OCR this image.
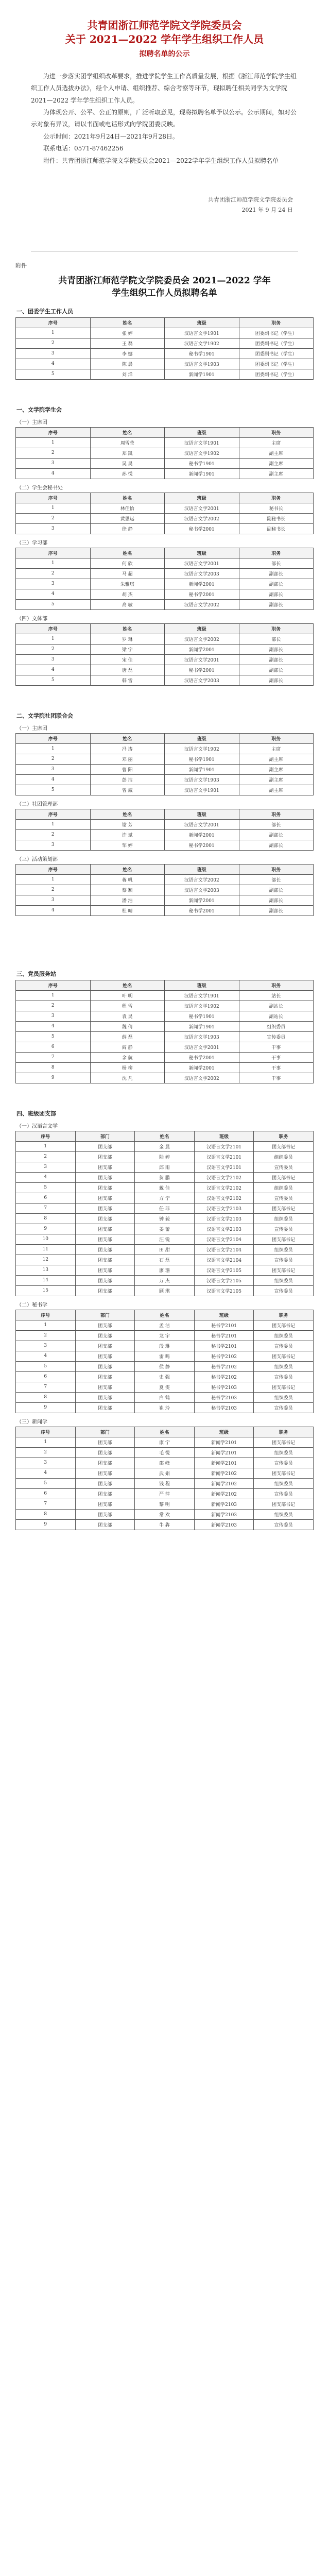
共青团浙江师范学院文学院委员会
关于 2021—2022 学年学生组织工作人员
拟聘名单的公示
为进一步落实团学组织改革要求，推进学院学生工作高质量发展，根据《浙江师范学院学生组织工作人员选拔办法》，经个人申请、组织推荐、综合考察等环节，现拟聘任相关同学为文学院 2021—2022 学年学生组织工作人员。
为体现公开、公平、公正的原则，广泛听取意见，现将拟聘名单予以公示。公示期间，如对公示对象有异议，请以书面或电话形式向学院团委反映。
公示时间：2021年9月24日—2021年9月28日。
联系电话：0571-87462256
附件：共青团浙江师范学院文学院委员会2021—2022学年学生组织工作人员拟聘名单
共青团浙江师范学院文学院委员会
2021 年 9 月 24 日
附件
共青团浙江师范学院文学院委员会 2021—2022 学年
学生组织工作人员拟聘名单
一、团委学生工作人员
序号	姓名	班级	职务
1	张 婷	汉语言文学1901	团委副书记（学生）
2	王 磊	汉语言文学1902	团委副书记（学生）
3	李 娜	秘书学1901	团委副书记（学生）
4	陈 晨	汉语言文学1903	团委副书记（学生）
5	刘 洋	新闻学1901	团委副书记（学生）
一、文学院学生会
（一）主席团
序号	姓名	班级	职务
1	周雪莹	汉语言文学1901	主席
2	郑 凯	汉语言文学1902	副主席
3	吴 昊	秘书学1901	副主席
4	孙 悦	新闻学1901	副主席
（二）学生会秘书处
序号	姓名	班级	职务
1	林佳怡	汉语言文学2001	秘书长
2	黄思远	汉语言文学2002	副秘书长
3	徐 静	秘书学2001	副秘书长
（三）学习部
序号	姓名	班级	职务
1	何 欣	汉语言文学2001	部长
2	马 超	汉语言文学2003	副部长
3	朱雅琪	新闻学2001	副部长
4	胡 杰	秘书学2001	副部长
5	高 敏	汉语言文学2002	副部长
（四）文体部
序号	姓名	班级	职务
1	罗 琳	汉语言文学2002	部长
2	梁 宇	新闻学2001	副部长
3	宋 佳	汉语言文学2001	副部长
4	唐 磊	秘书学2001	副部长
5	韩 雪	汉语言文学2003	副部长
二、文学院社团联合会
（一）主席团
序号	姓名	班级	职务
1	冯 涛	汉语言文学1902	主席
2	邓 丽	秘书学1901	副主席
3	曹 阳	新闻学1901	副主席
4	彭 洁	汉语言文学1903	副主席
5	曾 威	汉语言文学1901	副主席
（二）社团管理部
序号	姓名	班级	职务
1	谢 芳	汉语言文学2001	部长
2	许 斌	新闻学2001	副部长
3	邹 婷	秘书学2001	副部长
（三）活动策划部
序号	姓名	班级	职务
1	蒋 帆	汉语言文学2002	部长
2	蔡 颖	汉语言文学2003	副部长
3	潘 浩	新闻学2001	副部长
4	杜 晴	秘书学2001	副部长
三、党员服务站
序号	姓名	班级	职务
1	叶 明	汉语言文学1901	站长
2	程 雪	汉语言文学1902	副站长
3	袁 昊	秘书学1901	副站长
4	魏 倩	新闻学1901	组织委员
5	薛 磊	汉语言文学1903	宣传委员
6	阎 静	汉语言文学2001	干事
7	余 航	秘书学2001	干事
8	杨 柳	新闻学2001	干事
9	沈 凡	汉语言文学2002	干事
四、班级团支部
（一）汉语言文学
序号	部门	姓名	班级	职务
1	团支部	金 晨	汉语言文学2101	团支部书记
2	团支部	陆 婷	汉语言文学2101	组织委员
3	团支部	邱 雨	汉语言文学2101	宣传委员
4	团支部	贺 鹏	汉语言文学2102	团支部书记
5	团支部	戴 佳	汉语言文学2102	组织委员
6	团支部	方 宁	汉语言文学2102	宣传委员
7	团支部	任 菲	汉语言文学2103	团支部书记
8	团支部	钟 毅	汉语言文学2103	组织委员
9	团支部	姜 蕾	汉语言文学2103	宣传委员
10	团支部	汪 锐	汉语言文学2104	团支部书记
11	团支部	田 甜	汉语言文学2104	组织委员
12	团支部	石 磊	汉语言文学2104	宣传委员
13	团支部	廖 珊	汉语言文学2105	团支部书记
14	团支部	万 杰	汉语言文学2105	组织委员
15	团支部	顾 琪	汉语言文学2105	宣传委员
（二）秘书学
序号	部门	姓名	班级	职务
1	团支部	孟 洁	秘书学2101	团支部书记
2	团支部	龙 宇	秘书学2101	组织委员
3	团支部	段 琳	秘书学2101	宣传委员
4	团支部	雷 鸣	秘书学2102	团支部书记
5	团支部	侯 静	秘书学2102	组织委员
6	团支部	史 强	秘书学2102	宣传委员
7	团支部	夏 雯	秘书学2103	团支部书记
8	团支部	白 鹤	秘书学2103	组织委员
9	团支部	崔 玲	秘书学2103	宣传委员
（三）新闻学
序号	部门	姓名	班级	职务
1	团支部	康 宁	新闻学2101	团支部书记
2	团支部	毛 悦	新闻学2101	组织委员
3	团支部	邵 峰	新闻学2101	宣传委员
4	团支部	武 娟	新闻学2102	团支部书记
5	团支部	钱 程	新闻学2102	组织委员
6	团支部	严 萍	新闻学2102	宣传委员
7	团支部	黎 明	新闻学2103	团支部书记
8	团支部	常 欢	新闻学2103	组织委员
9	团支部	牛 犇	新闻学2103	宣传委员
